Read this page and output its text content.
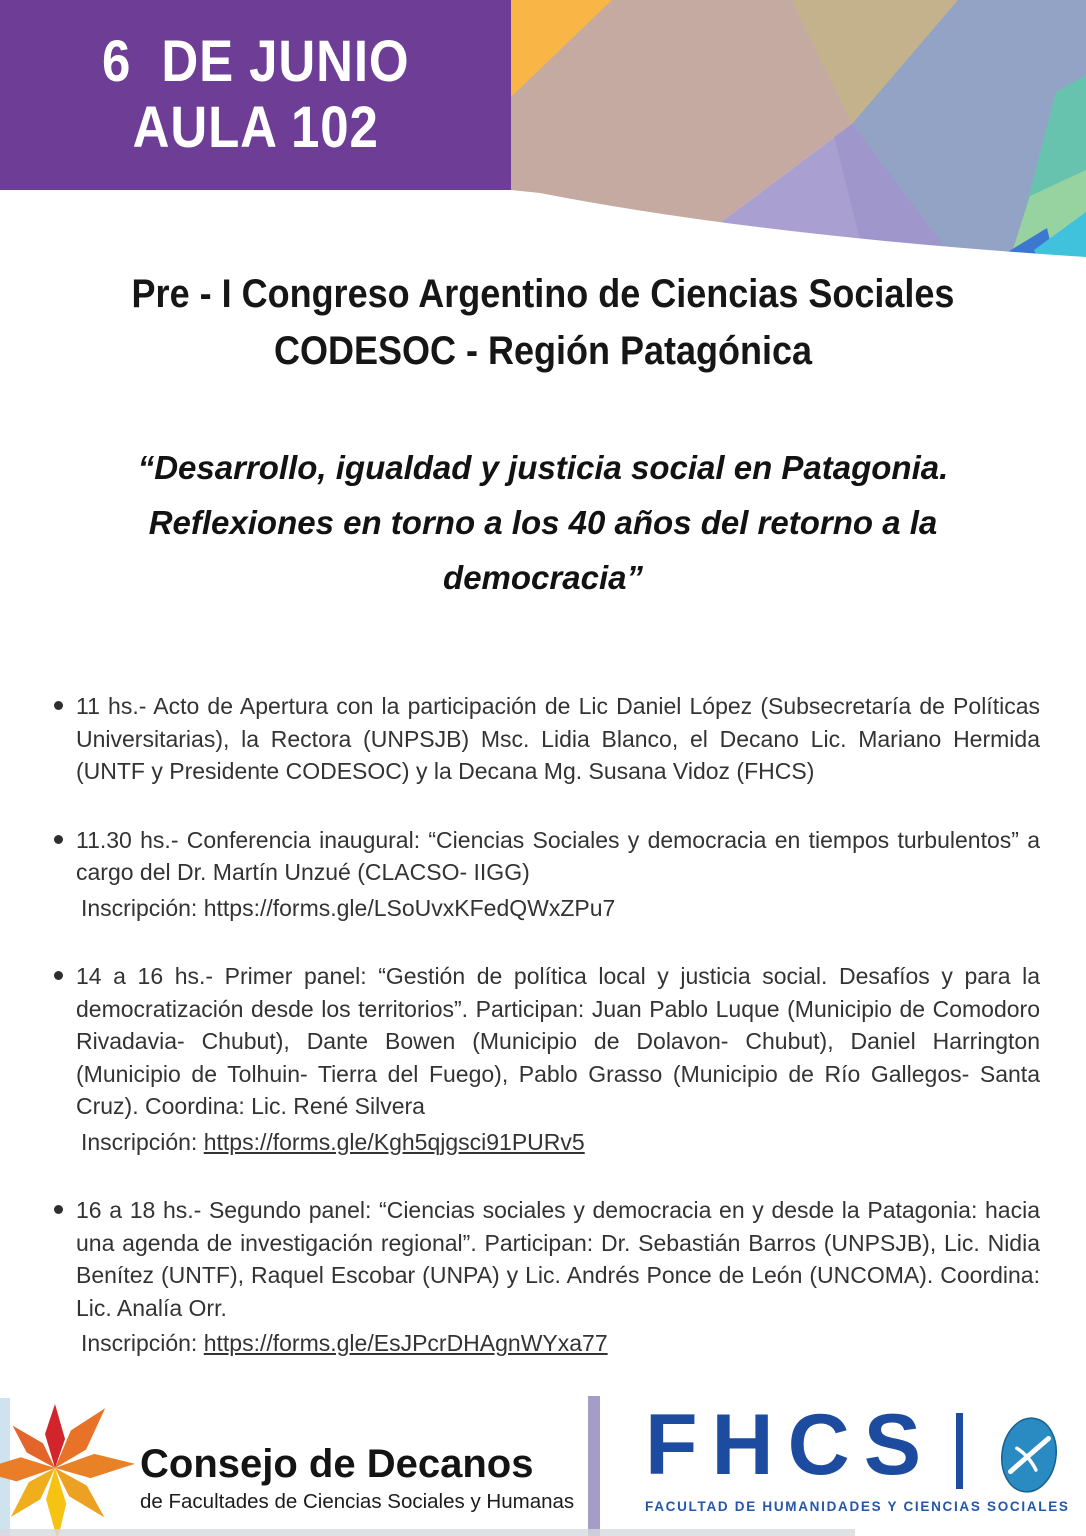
6  DE JUNIO
AULA 102
Pre - I Congreso Argentino de Ciencias Sociales
CODESOC - Región Patagónica
“Desarrollo, igualdad y justicia social en Patagonia.
Reflexiones en torno a los 40 años del retorno a la
democracia”
11 hs.- Acto de Apertura con la participación de Lic Daniel López (Subsecretaría de Políticas Universitarias), la Rectora (UNPSJB) Msc. Lidia Blanco, el Decano Lic. Mariano Hermida (UNTF y Presidente CODESOC) y la Decana Mg. Susana Vidoz (FHCS)
11.30 hs.- Conferencia inaugural: “Ciencias Sociales y democracia en tiempos turbulentos” a cargo del Dr. Martín Unzué (CLACSO- IIGG)
Inscripción: https://forms.gle/LSoUvxKFedQWxZPu7
14 a 16 hs.- Primer panel: “Gestión de política local y justicia social. Desafíos y para la democratización desde los territorios”. Participan: Juan Pablo Luque (Municipio de Comodoro Rivadavia- Chubut), Dante Bowen (Municipio de Dolavon- Chubut), Daniel Harrington (Municipio de Tolhuin- Tierra del Fuego), Pablo Grasso (Municipio de Río Gallegos- Santa Cruz). Coordina: Lic. René Silvera
Inscripción: https://forms.gle/Kgh5qjgsci91PURv5
16 a 18 hs.- Segundo panel: “Ciencias sociales y democracia en y desde la Patagonia: hacia una agenda de investigación regional”. Participan: Dr. Sebastián Barros (UNPSJB), Lic. Nidia Benítez (UNTF), Raquel Escobar (UNPA) y Lic. Andrés Ponce de León (UNCOMA). Coordina: Lic. Analía Orr.
Inscripción: https://forms.gle/EsJPcrDHAgnWYxa77
Consejo de Decanos
de Facultades de Ciencias Sociales y Humanas
FHCS
FACULTAD DE HUMANIDADES Y CIENCIAS SOCIALES
